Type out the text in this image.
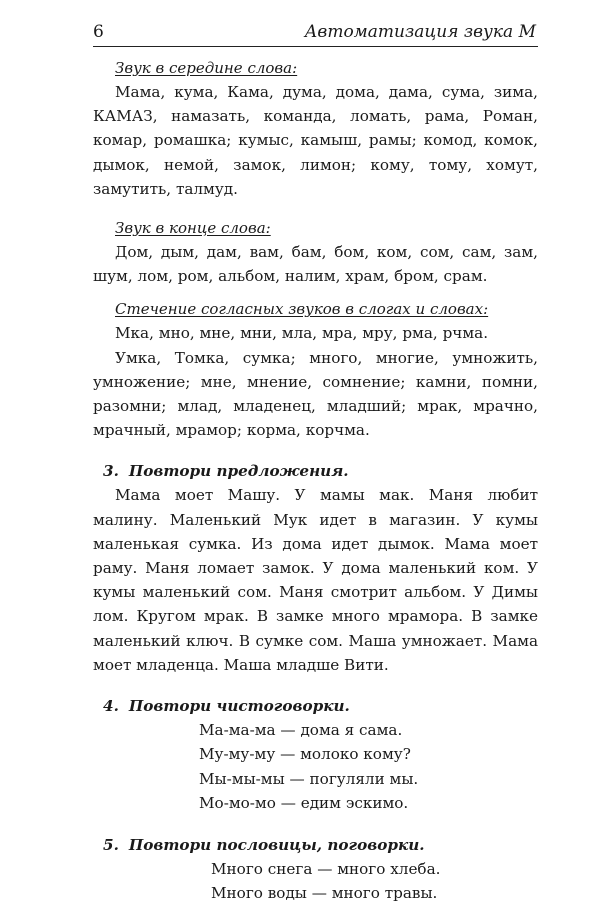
6	Автоматизация звука М
Звук в середине слова:

Мама, кума, Кама, дума, дома, дама, сума, зима, КАМАЗ, намазать, команда, ломать, рама, Роман, комар, ромашка; кумыс, камыш, рамы; комод, комок, дымок, немой, замок, лимон; кому, тому, хомут, замутить, талмуд.

Звук в конце слова:

Дом, дым, дам, вам, бам, бом, ком, сом, сам, зам, шум, лом, ром, альбом, налим, храм, бром, срам.

Стечение согласных звуков в слогах и словах:

Мка, мно, мне, мни, мла, мра, мру, рма, рчма.

Умка, Томка, сумка; много, многие, умножить, умножение; мне, мнение, сомнение; камни, помни, разомни; млад, младенец, младший; мрак, мрачно, мрачный, мрамор; корма, корчма.

3. Повтори предложения.

Мама моет Машу. У мамы мак. Маня любит малину. Маленький Мук идет в магазин. У кумы маленькая сумка. Из дома идет дымок. Мама моет раму. Маня ломает замок. У дома маленький ком. У кумы маленький сом. Маня смотрит альбом. У Димы лом. Кругом мрак. В замке много мрамора. В замке маленький ключ. В сумке сом. Маша умножает. Мама моет младенца. Маша младше Вити.

4. Повтори чистоговорки.
Ма-ма-ма — дома я сама.
Му-му-му — молоко кому?
Мы-мы-мы — погуляли мы.
Мо-мо-мо — едим эскимо.
5. Повтори пословицы, поговорки.
Много снега — много хлеба.
Много воды — много травы.
